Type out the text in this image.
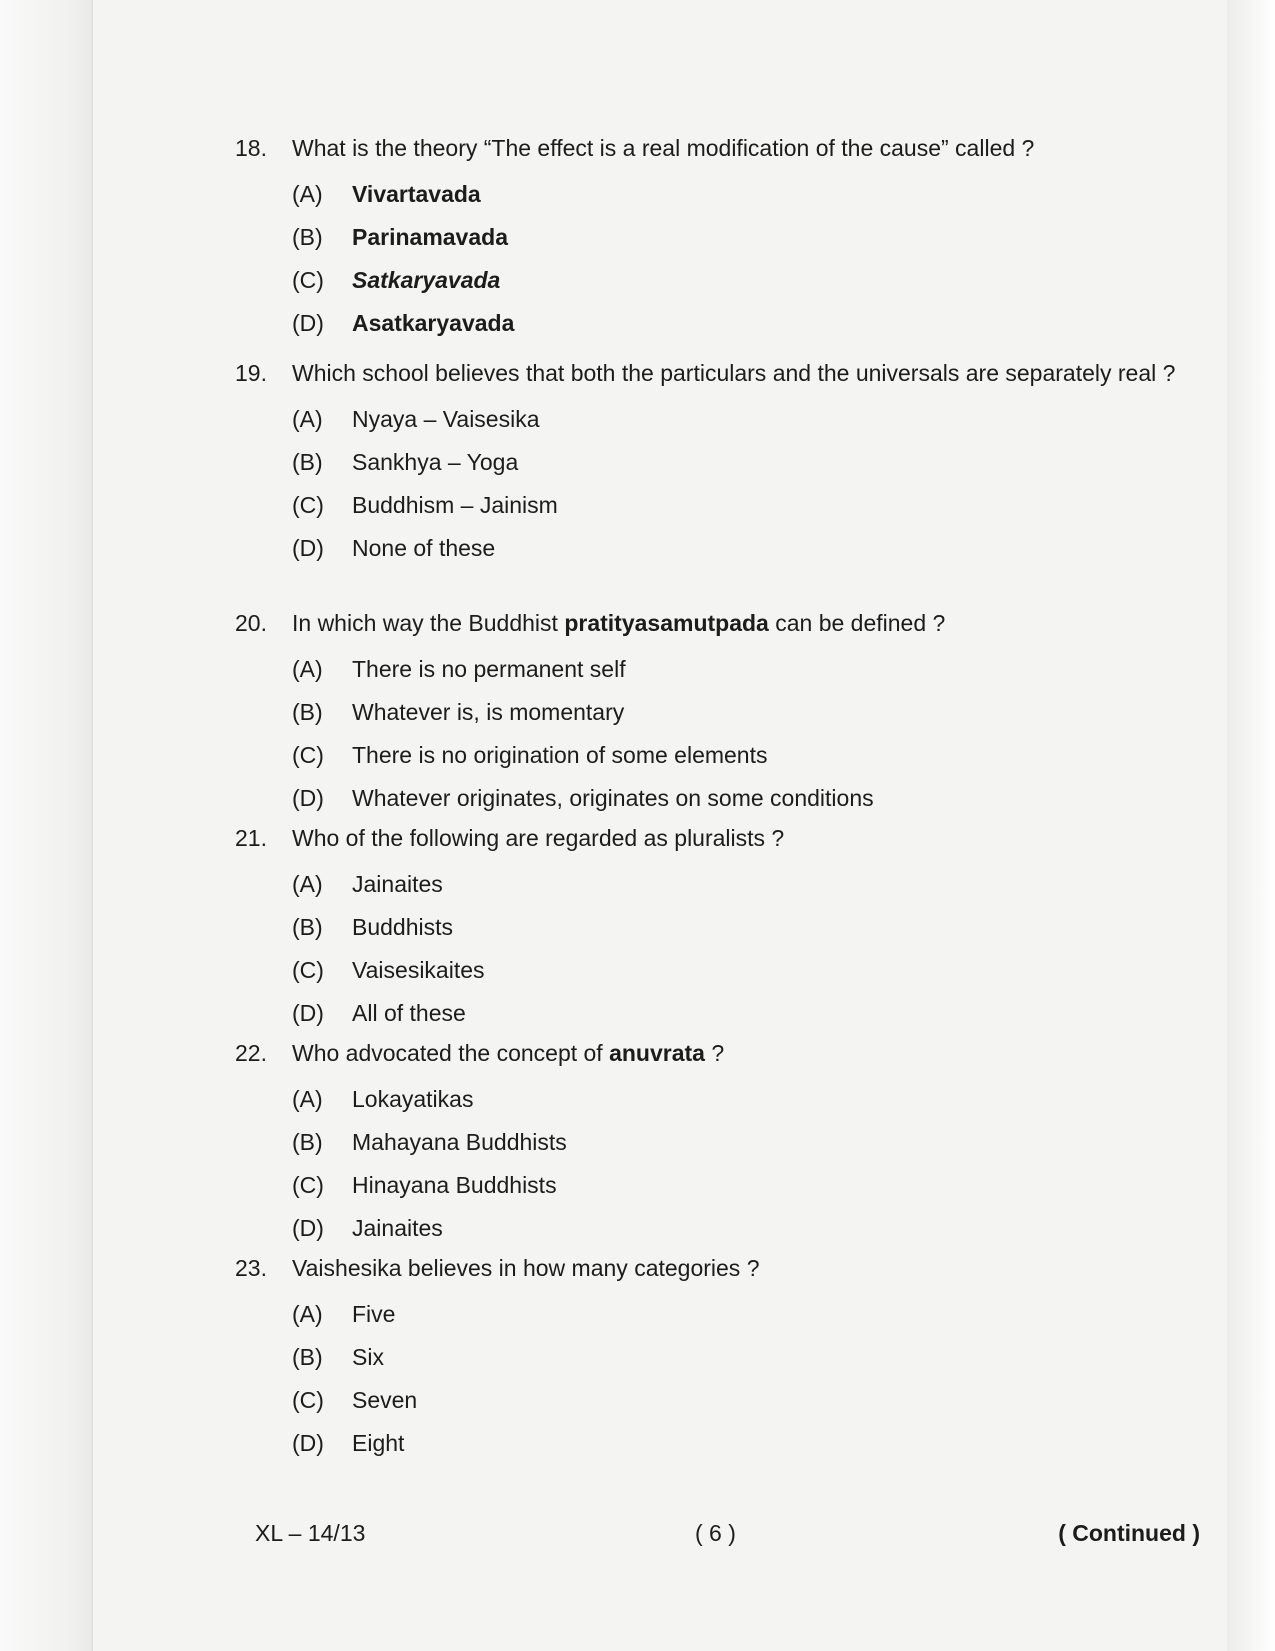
18.	What is the theory “The effect is a real modification of the cause” called ?
(A)	Vivartavada
(B)	Parinamavada
(C)	Satkaryavada
(D)	Asatkaryavada
19.	Which school believes that both the particulars and the universals are separately real ?
(A)	Nyaya – Vaisesika
(B)	Sankhya – Yoga
(C)	Buddhism – Jainism
(D)	None of these
20.	In which way the Buddhist pratityasamutpada can be defined ?
(A)	There is no permanent self
(B)	Whatever is, is momentary
(C)	There is no origination of some elements
(D)	Whatever originates, originates on some conditions
21.	Who of the following are regarded as pluralists ?
(A)	Jainaites
(B)	Buddhists
(C)	Vaisesikaites
(D)	All of these
22.	Who advocated the concept of anuvrata ?
(A)	Lokayatikas
(B)	Mahayana Buddhists
(C)	Hinayana Buddhists
(D)	Jainaites
23.	Vaishesika believes in how many categories ?
(A)	Five
(B)	Six
(C)	Seven
(D)	Eight
XL – 14/13	( 6 )	( Continued )
